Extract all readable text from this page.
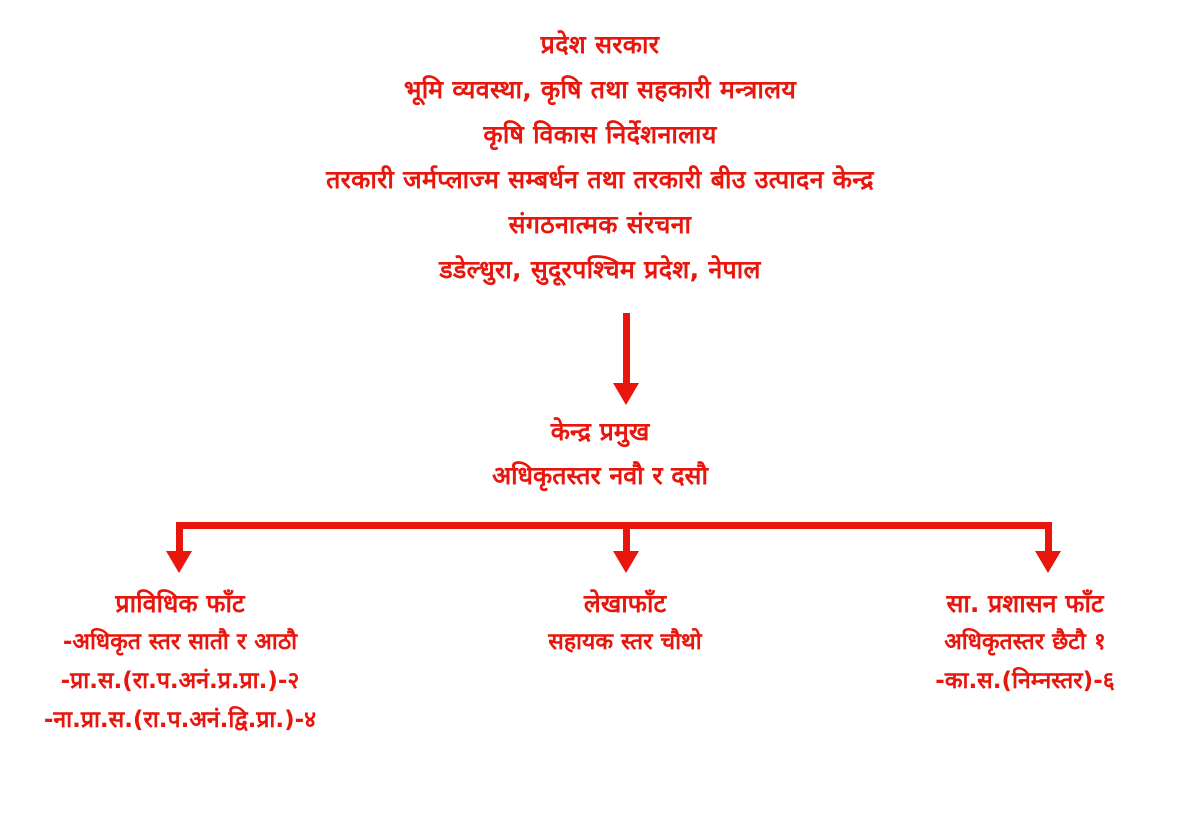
प्रदेश सरकार
भूमि व्यवस्था, कृषि तथा सहकारी मन्त्रालय
कृषि विकास निर्देशनालाय
तरकारी जर्मप्लाज्म सम्बर्धन तथा तरकारी बीउ उत्पादन केन्द्र
संगठनात्मक संरचना
डडेल्धुरा, सुदूरपश्चिम प्रदेश, नेपाल
केन्द्र प्रमुख
अधिकृतस्तर नवौै र दसौ
प्राविधिक फाँट
-अधिकृत स्तर सातौ र आठौ
-प्रा.स.(रा.प.अनं.प्र.प्रा.)-२
-ना.प्रा.स.(रा.प.अनं.द्वि.प्रा.)-४
लेखाफाँट
सहायक स्तर चौथो
सा. प्रशासन फाँट
अधिकृतस्तर छैटौ १
-का.स.(निम्नस्तर)-६
